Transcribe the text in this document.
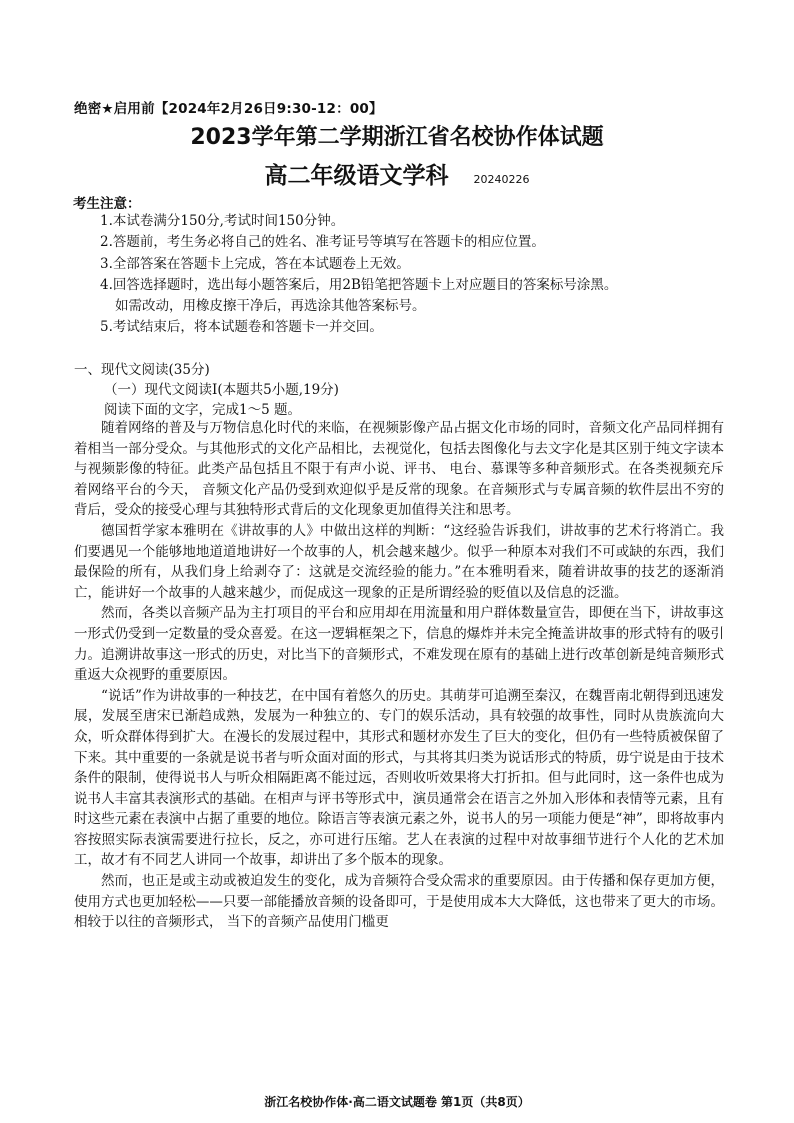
绝密★启用前【2024年2月26日9:30-12：00】
2023学年第二学期浙江省名校协作体试题
高二年级语文学科 20240226
考生注意：
1.本试卷满分150分,考试时间150分钟。
2.答题前，考生务必将自己的姓名、准考证号等填写在答题卡的相应位置。
3.全部答案在答题卡上完成，答在本试题卷上无效。
4.回答选择题时，选出每小题答案后，用2B铅笔把答题卡上对应题目的答案标号涂黑。
如需改动，用橡皮擦干净后，再选涂其他答案标号。
5.考试结束后，将本试题卷和答题卡一并交回。
一、现代文阅读(35分)
（一）现代文阅读Ⅰ(本题共5小题,19分)
阅读下面的文字，完成1～5 题。

随着网络的普及与万物信息化时代的来临，在视频影像产品占据文化市场的同时，音频文化产品同样拥有着相当一部分受众。与其他形式的文化产品相比，去视觉化，包括去图像化与去文字化是其区别于纯文字读本与视频影像的特征。此类产品包括且不限于有声小说、评书、 电台、慕课等多种音频形式。在各类视频充斥着网络平台的今天， 音频文化产品仍受到欢迎似乎是反常的现象。在音频形式与专属音频的软件层出不穷的背后，受众的接受心理与其独特形式背后的文化现象更加值得关注和思考。

德国哲学家本雅明在《讲故事的人》中做出这样的判断：“这经验告诉我们，讲故事的艺术行将消亡。我们要遇见一个能够地地道道地讲好一个故事的人，机会越来越少。似乎一种原本对我们不可或缺的东西，我们最保险的所有，从我们身上给剥夺了：这就是交流经验的能力。”在本雅明看来，随着讲故事的技艺的逐渐消亡，能讲好一个故事的人越来越少，而促成这一现象的正是所谓经验的贬值以及信息的泛滥。

然而，各类以音频产品为主打项目的平台和应用却在用流量和用户群体数量宣告，即便在当下，讲故事这一形式仍受到一定数量的受众喜爱。在这一逻辑框架之下，信息的爆炸并未完全掩盖讲故事的形式特有的吸引力。追溯讲故事这一形式的历史，对比当下的音频形式，不难发现在原有的基础上进行改革创新是纯音频形式重返大众视野的重要原因。

“说话”作为讲故事的一种技艺，在中国有着悠久的历史。其萌芽可追溯至秦汉，在魏晋南北朝得到迅速发展，发展至唐宋已渐趋成熟，发展为一种独立的、专门的娱乐活动，具有较强的故事性，同时从贵族流向大众，听众群体得到扩大。在漫长的发展过程中，其形式和题材亦发生了巨大的变化，但仍有一些特质被保留了下来。其中重要的一条就是说书者与听众面对面的形式，与其将其归类为说话形式的特质，毋宁说是由于技术条件的限制，使得说书人与听众相隔距离不能过远，否则收听效果将大打折扣。但与此同时，这一条件也成为说书人丰富其表演形式的基础。在相声与评书等形式中，演员通常会在语言之外加入形体和表情等元素，且有时这些元素在表演中占据了重要的地位。除语言等表演元素之外，说书人的另一项能力便是“神”，即将故事内容按照实际表演需要进行拉长，反之，亦可进行压缩。艺人在表演的过程中对故事细节进行个人化的艺术加工，故才有不同艺人讲同一个故事，却讲出了多个版本的现象。

然而，也正是或主动或被迫发生的变化，成为音频符合受众需求的重要原因。由于传播和保存更加方便，使用方式也更加轻松——只要一部能播放音频的设备即可，于是使用成本大大降低，这也带来了更大的市场。相较于以往的音频形式， 当下的音频产品使用门槛更

浙江名校协作体·高二语文试题卷 第1页（共8页）
